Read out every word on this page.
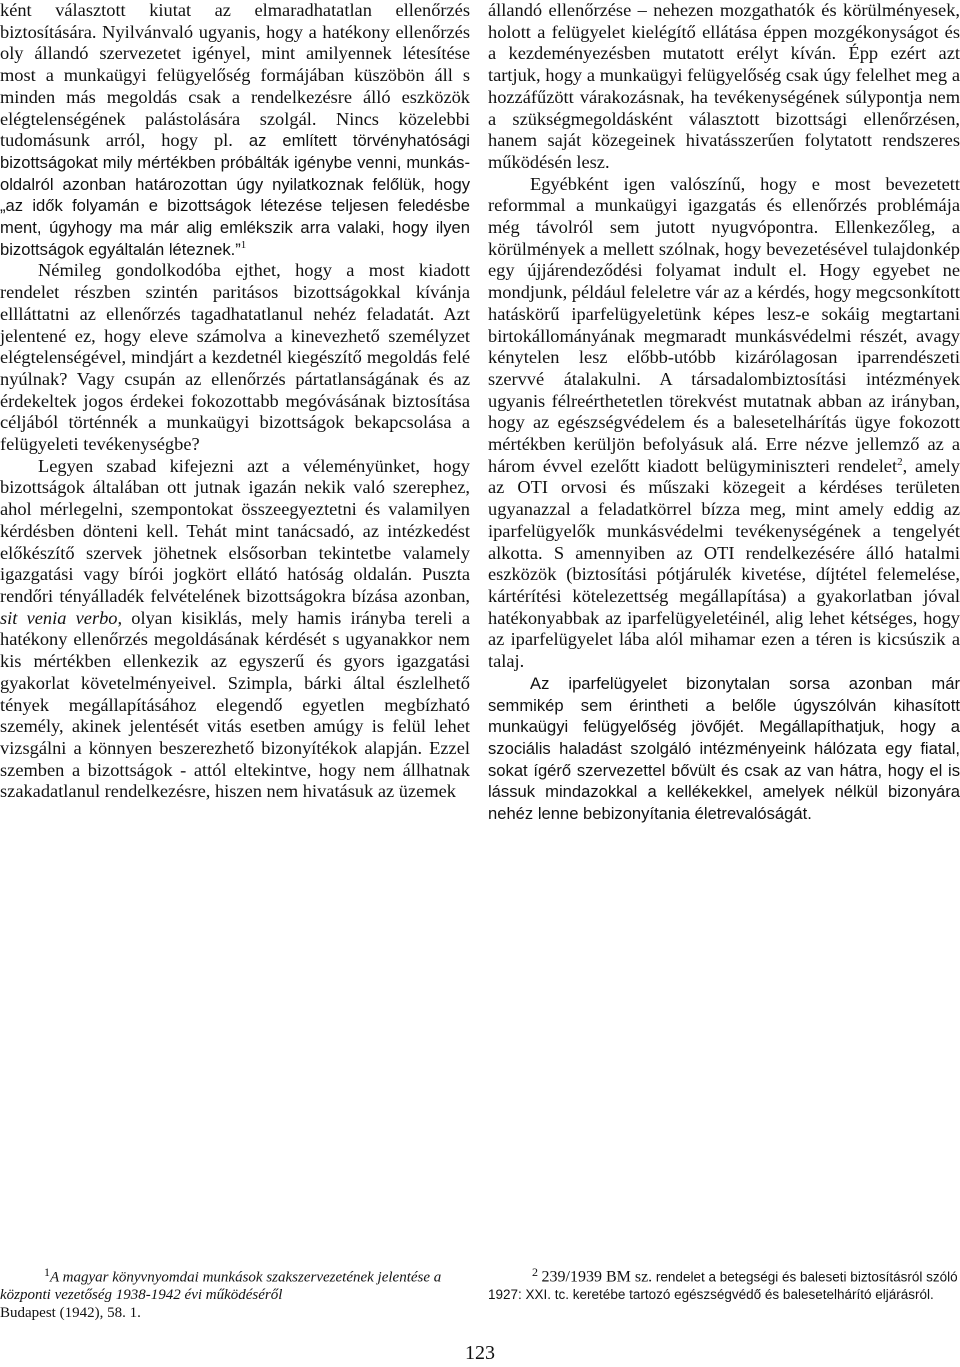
ként választott kiutat az elmaradhatatlan ellenőrzés biztosítására. Nyilvánvaló ugyanis, hogy a hatékony ellenőrzés oly állandó szervezetet igényel, mint amilyennek létesítése most a munkaügyi felügyelőség formájában küszöbön áll s minden más megoldás csak a rendelkezésre álló eszközök elégtelenségének palástolására szolgál. Nincs közelebbi tudomásunk arról, hogy pl. az említett törvényhatósági bizottságokat mily mértékben próbálták igénybe venni, munkásoldalról azonban határozottan úgy nyilatkoznak felőlük, hogy „az idők folyamán e bizottságok létezése teljesen feledésbe ment, úgyhogy ma már alig emlékszik arra valaki, hogy ilyen bizottságok egyáltalán léteznek.”$^1$

Némileg gondolkodóba ejthet, hogy a most kiadott rendelet részben szintén paritásos bizottságokkal kívánja ellláttatni az ellenőrzés tagadhatatlanul nehéz feladatát. Azt jelentené ez, hogy eleve számolva a kinevezhető személyzet elégtelenségével, mindjárt a kezdetnél kiegészítő megoldás felé nyúlnak? Vagy csupán az ellenőrzés pártatlanságának és az érdekeltek jogos érdekei fokozottabb megóvásának biztosítása céljából történnék a munkaügyi bizottságok bekapcsolása a felügyeleti tevékenységbe?

Legyen szabad kifejezni azt a véleményünket, hogy bizottságok általában ott jutnak igazán nekik való szerephez, ahol mérlegelni, szempontokat összeegyeztetni és valamilyen kérdésben dönteni kell. Tehát mint tanácsadó, az intézkedést előkészítő szervek jöhetnek elsősorban tekintetbe valamely igazgatási vagy bírói jogkört ellátó hatóság oldalán. Puszta rendőri tényálladék felvételének bizottságokra bízása azonban, sit venia verbo, olyan kisiklás, mely hamis irányba tereli a hatékony ellenőrzés megoldásának kérdését s ugyanakkor nem kis mértékben ellenkezik az egyszerű és gyors igazgatási gyakorlat követelményeivel. Szimpla, bárki által észlelhető tények megállapításához elegendő egyetlen megbízható személy, akinek jelentését vitás esetben amúgy is felül lehet vizsgálni a könnyen beszerezhető bizonyítékok alapján. Ezzel szemben a bizottságok - attól eltekintve, hogy nem állhatnak szakadatlanul rendelkezésre, hiszen nem hivatásuk az üzemek

állandó ellenőrzése – nehezen mozgathatók és körülményesek, holott a felügyelet kielégítő ellátása éppen mozgékonyságot és a kezdeményezésben mutatott erélyt kíván. Épp ezért azt tartjuk, hogy a munkaügyi felügyelőség csak úgy felelhet meg a hozzáfűzött várakozásnak, ha tevékenységének súlypontja nem a szükségmegoldásként választott bizottsági ellenőrzésen, hanem saját közegeinek hivatásszerűen folytatott rendszeres működésén lesz.

Egyébként igen valószínű, hogy e most bevezetett reformmal a munkaügyi igazgatás és ellenőrzés problémája még távolról sem jutott nyugvópontra. Ellenkezőleg, a körülmények a mellett szólnak, hogy bevezetésével tulajdonkép egy újjárendeződési folyamat indult el. Hogy egyebet ne mondjunk, például feleletre vár az a kérdés, hogy megcsonkított hatáskörű iparfelügyeletünk képes lesz-e sokáig megtartani birtokállományának megmaradt munkásvédelmi részét, avagy kénytelen lesz előbb-utóbb kizárólagosan iparrendészeti szervvé átalakulni. A társadalombiztosítási intézmények ugyanis félreérthetetlen törekvést mutatnak abban az irányban, hogy az egészségvédelem és a balesetelhárítás ügye fokozott mértékben kerüljön befolyásuk alá. Erre nézve jellemző az a három évvel ezelőtt kiadott belügyminiszteri rendelet$^2$, amely az OTI orvosi és műszaki közegeit a kérdéses területen ugyanazzal a feladatkörrel bízza meg, mint amely eddig az iparfelügyelők munkásvédelmi tevékenységének a tengelyét alkotta. S amennyiben az OTI rendelkezésére álló hatalmi eszközök (biztosítási pótjárulék kivetése, díjtétel felemelése, kártérítési kötelezettség megállapítása) a gyakorlatban jóval hatékonyabbak az iparfelügyeletéinél, alig lehet kétséges, hogy az iparfelügyelet lába alól mihamar ezen a téren is kicsúszik a talaj.

Az iparfelügyelet bizonytalan sorsa azonban már semmikép sem érintheti a belőle úgyszólván kihasított munkaügyi felügyelőség jövőjét. Megállapíthatjuk, hogy a szociális haladást szolgáló intézményeink hálózata egy fiatal, sokat ígérő szervezettel bővült és csak az van hátra, hogy el is lássuk mindazokkal a kellékekkel, amelyek nélkül bizonyára nehéz lenne bebizonyítania életrevalóságát.

1A magyar könyvnyomdai munkások szakszervezetének jelentése a központi vezetőség 1938-1942 évi működéséről
Budapest (1942), 58. 1.
2 239/1939 BM sz. rendelet a betegségi és baleseti biztosításról szóló 1927: XXI. tc. keretébe tartozó egészségvédő és balesetelhárító eljárásról.
123
